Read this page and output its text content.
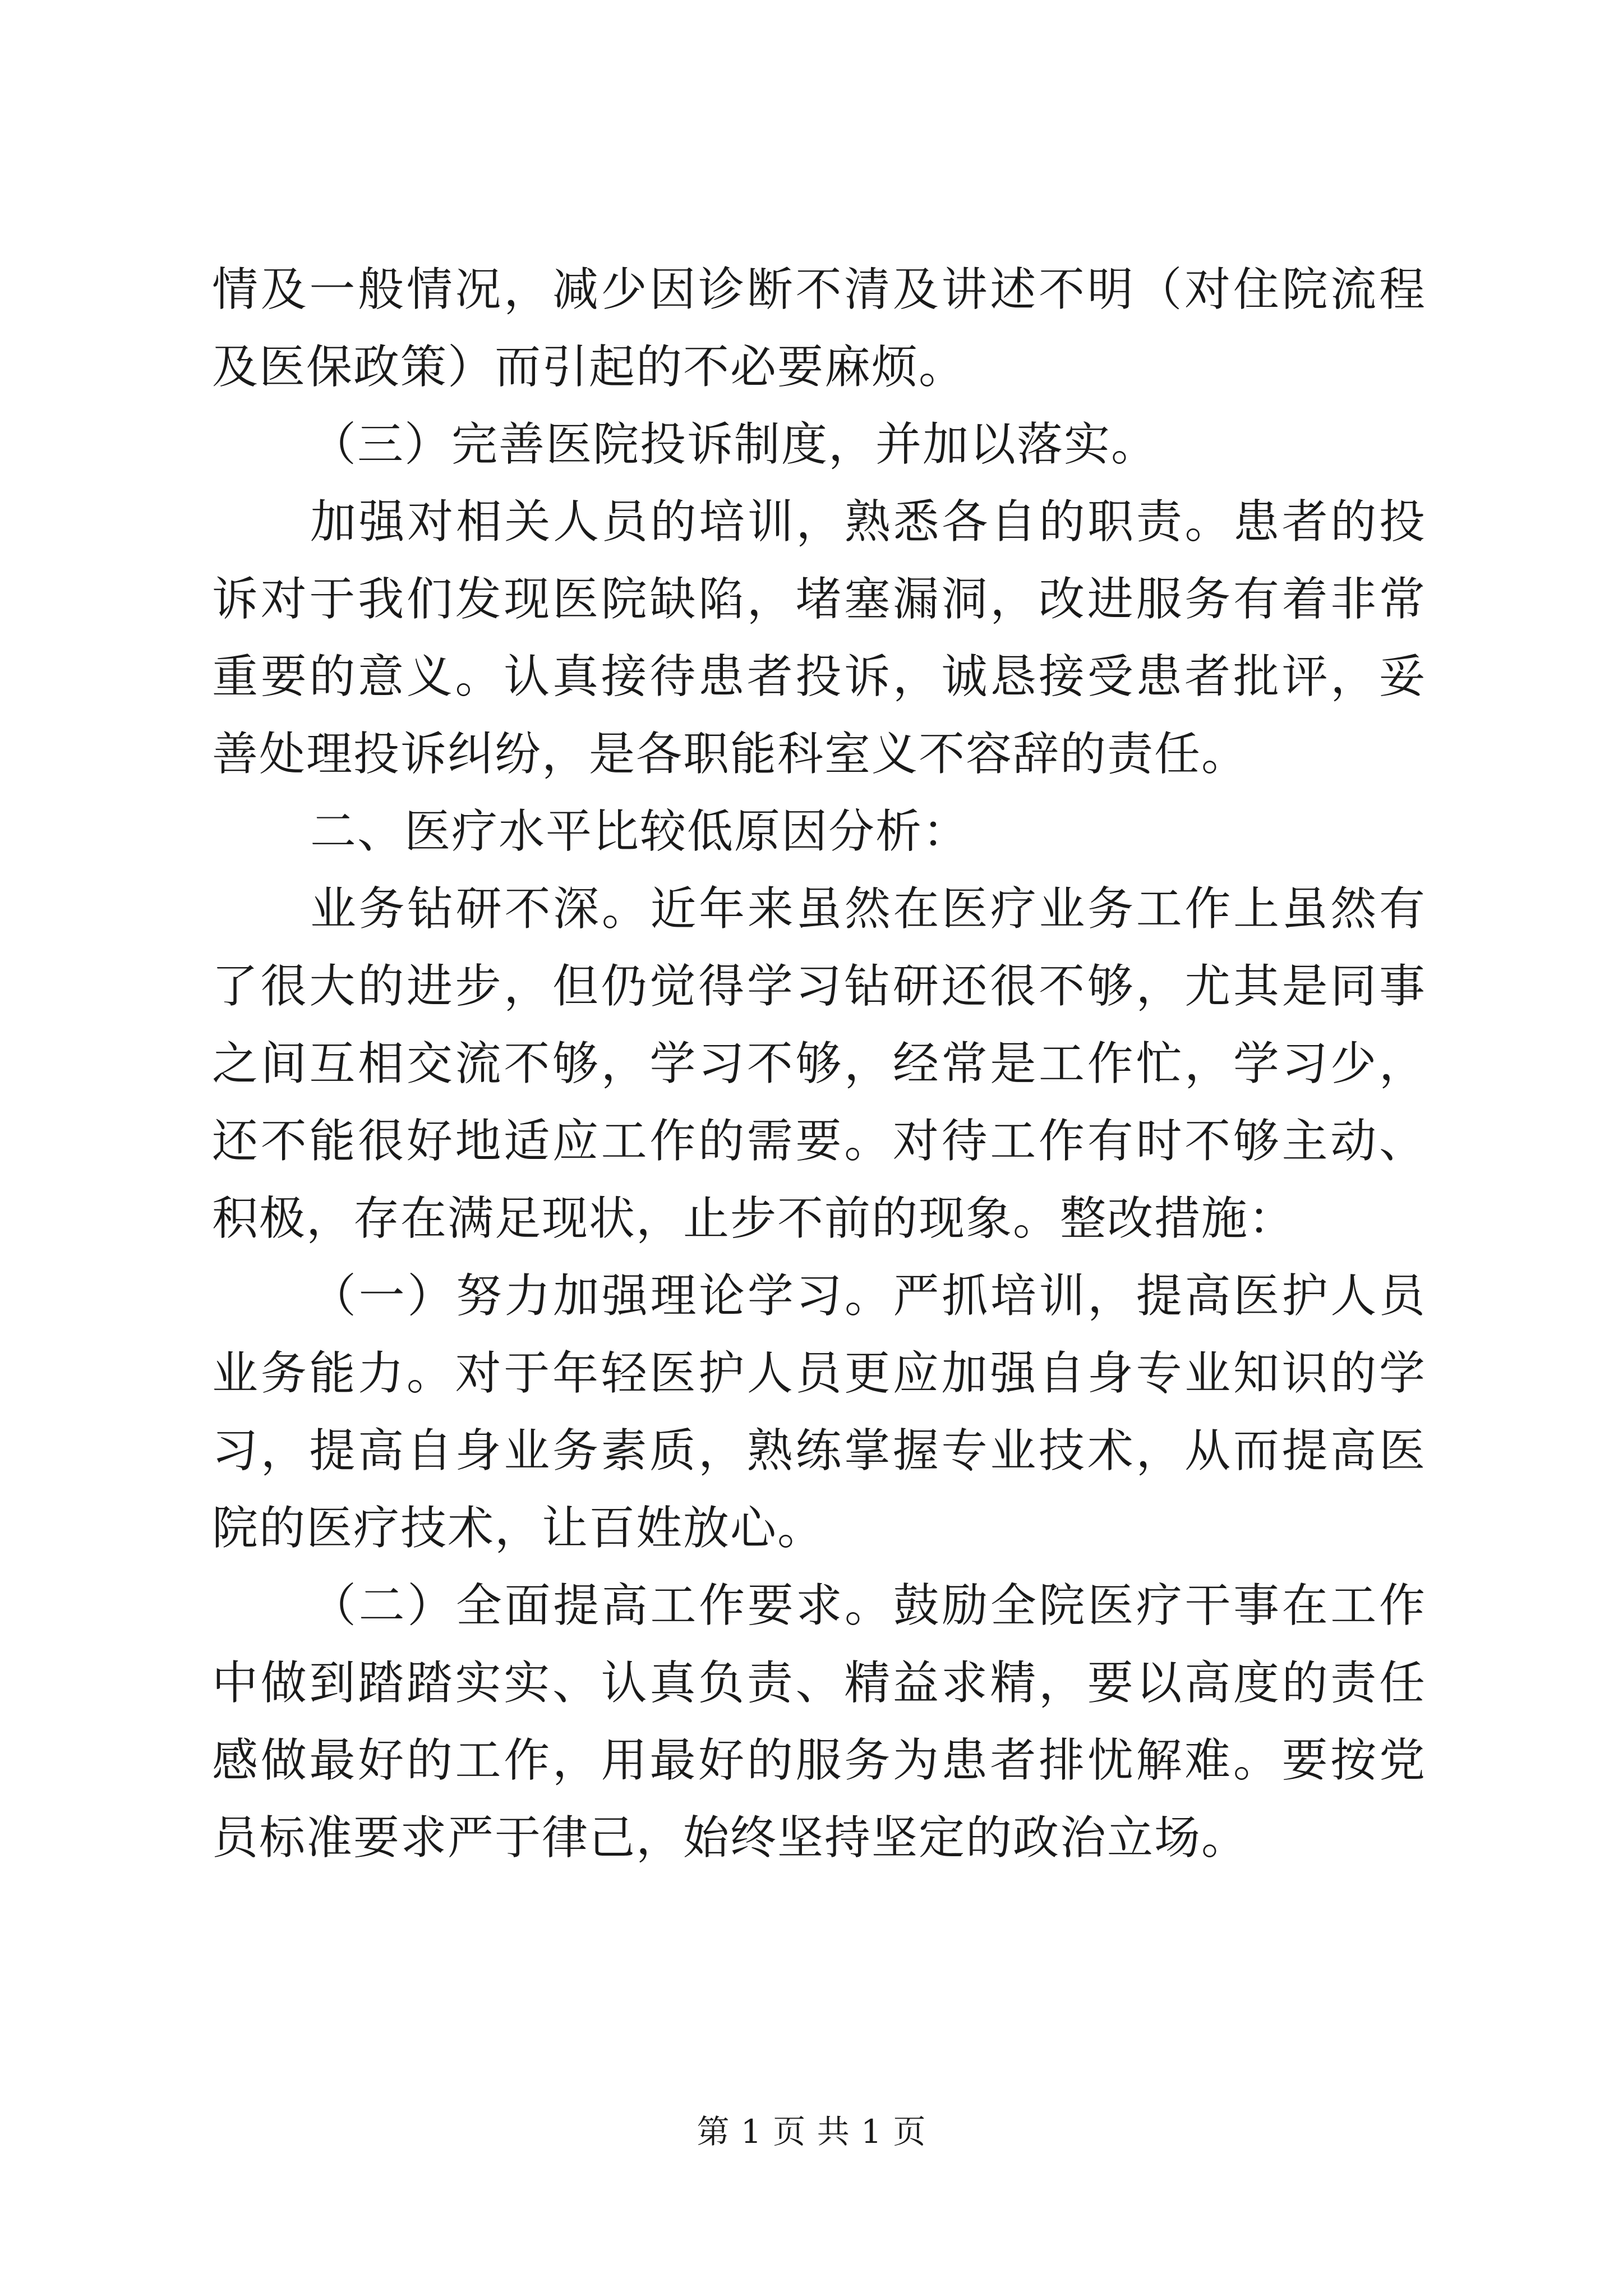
情及一般情况，减少因诊断不清及讲述不明（对住院流程及医保政策）而引起的不必要麻烦。

（三）完善医院投诉制度，并加以落实。

加强对相关人员的培训，熟悉各自的职责。患者的投诉对于我们发现医院缺陷，堵塞漏洞，改进服务有着非常重要的意义。认真接待患者投诉，诚恳接受患者批评，妥善处理投诉纠纷，是各职能科室义不容辞的责任。

二、医疗水平比较低原因分析：

业务钻研不深。近年来虽然在医疗业务工作上虽然有了很大的进步，但仍觉得学习钻研还很不够，尤其是同事之间互相交流不够，学习不够，经常是工作忙，学习少，还不能很好地适应工作的需要。对待工作有时不够主动、积极，存在满足现状，止步不前的现象。整改措施：

（一）努力加强理论学习。严抓培训，提高医护人员业务能力。对于年轻医护人员更应加强自身专业知识的学习，提高自身业务素质，熟练掌握专业技术，从而提高医院的医疗技术，让百姓放心。

（二）全面提高工作要求。鼓励全院医疗干事在工作中做到踏踏实实、认真负责、精益求精，要以高度的责任感做最好的工作，用最好的服务为患者排忧解难。要按党员标准要求严于律己，始终坚持坚定的政治立场。

第 1 页 共 1 页
